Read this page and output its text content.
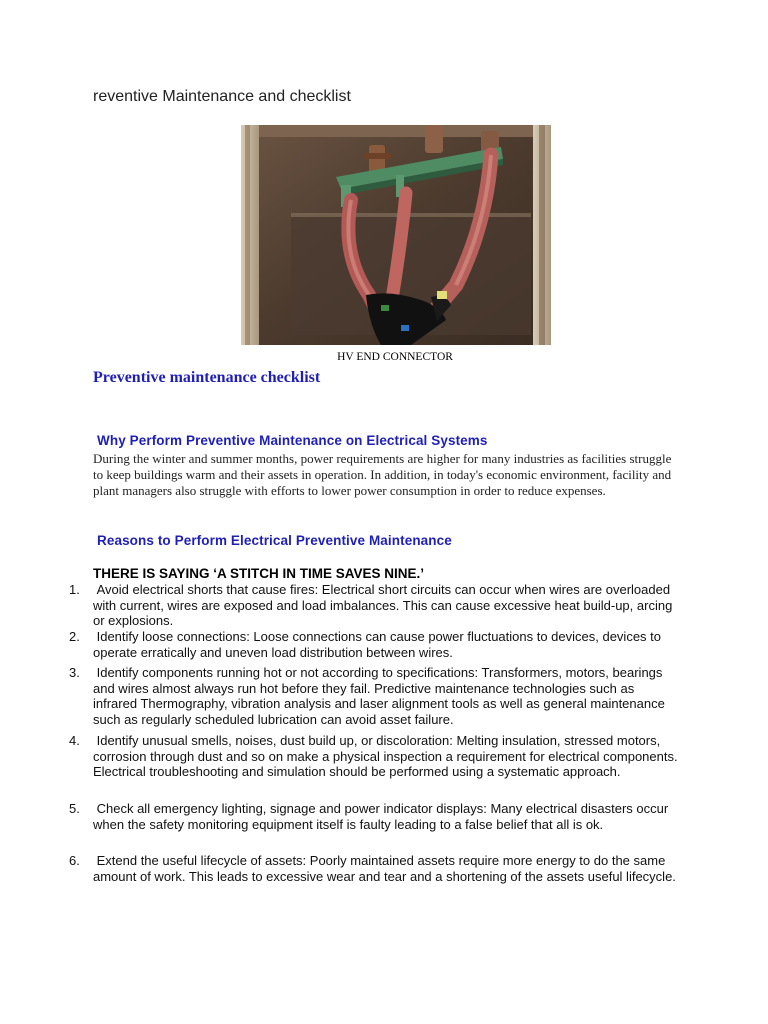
reventive Maintenance and checklist
HV END CONNECTOR
Preventive maintenance checklist
Why Perform Preventive Maintenance on Electrical Systems
During the winter and summer months, power requirements are higher for many industries as facilities struggle to keep buildings warm and their assets in operation. In addition, in today's economic environment, facility and plant managers also struggle with efforts to lower power consumption in order to reduce expenses.
Reasons to Perform Electrical Preventive Maintenance
THERE IS SAYING ‘A STITCH IN TIME SAVES NINE.’
1. Avoid electrical shorts that cause fires: Electrical short circuits can occur when wires are overloaded with current, wires are exposed and load imbalances. This can cause excessive heat build-up, arcing or explosions.
2. Identify loose connections: Loose connections can cause power fluctuations to devices, devices to operate erratically and uneven load distribution between wires.
3. Identify components running hot or not according to specifications: Transformers, motors, bearings and wires almost always run hot before they fail. Predictive maintenance technologies such as infrared Thermography, vibration analysis and laser alignment tools as well as general maintenance such as regularly scheduled lubrication can avoid asset failure.
4. Identify unusual smells, noises, dust build up, or discoloration: Melting insulation, stressed motors, corrosion through dust and so on make a physical inspection a requirement for electrical components. Electrical troubleshooting and simulation should be performed using a systematic approach.
5. Check all emergency lighting, signage and power indicator displays: Many electrical disasters occur when the safety monitoring equipment itself is faulty leading to a false belief that all is ok.
6. Extend the useful lifecycle of assets: Poorly maintained assets require more energy to do the same amount of work. This leads to excessive wear and tear and a shortening of the assets useful lifecycle.
